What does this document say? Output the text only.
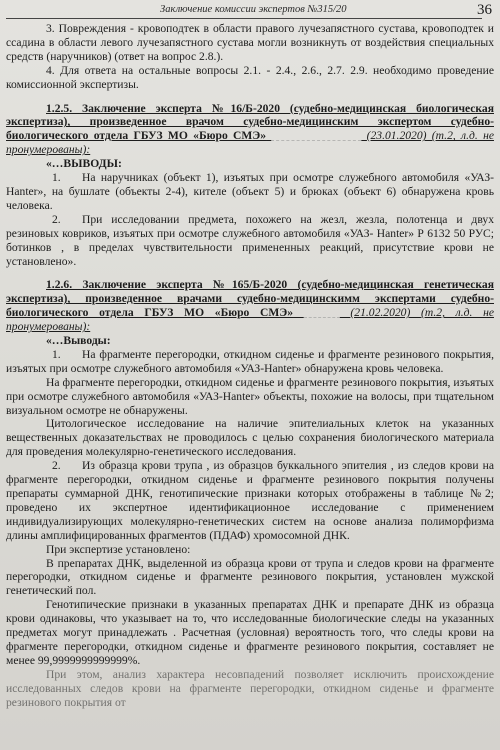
Заключение комиссии экспертов №315/20	36

3. Повреждения - кровоподтек в области правого лучезапястного сустава, кровоподтек и ссадина в области левого лучезапястного сустава могли возникнуть от воздействия специальных средств (наручников) (ответ на вопрос 2.8.).

4. Для ответа на остальные вопросы 2.1. - 2.4., 2.6., 2.7. 2.9. необходимо проведение комиссионной экспертизы.

1.2.5. Заключение эксперта №16/Б-2020 (судебно-медицинская биологическая экспертиза), произведенное врачом судебно-медицинским экспертом судебно-биологического отдела ГБУЗ МО «Бюро СМЭ»	(23.01.2020) (т.2, л.д. не пронумерованы):

«…ВЫВОДЫ:

1. На наручниках (объект 1), изъятых при осмотре служебного автомобиля «УАЗ-Hanter», на бушлате (объекты 2-4), кителе (объект 5) и брюках (объект 6) обнаружена кровь человека.

2. При исследовании предмета, похожего на жезл, жезла, полотенца и двух резиновых ковриков, изъятых при осмотре служебного автомобиля «УАЗ- Hanter» Р 6132 50 РУС; ботинков , в пределах чувствительности примененных реакций, присутствие крови не установлено».

1.2.6. Заключение эксперта №165/Б-2020 (судебно-медицинская генетическая экспертиза), произведенное врачами судебно-медицинскимм экспертами судебно-биологического отдела ГБУЗ МО «Бюро СМЭ»	(21.02.2020) (т.2, л.д. не пронумерованы):

«…Выводы:

1. На фрагменте перегородки, откидном сиденье и фрагменте резинового покрытия, изъятых при осмотре служебного автомобиля «УАЗ-Hanter» обнаружена кровь человека.

На фрагменте перегородки, откидном сиденье и фрагменте резинового покрытия, изъятых при осмотре служебного автомобиля «УАЗ-Hanter» объекты, похожие на волосы, при тщательном визуальном осмотре не обнаружены.

Цитологическое исследование на наличие эпителиальных клеток на указанных вещественных доказательствах не проводилось с целью сохранения биологического материала для проведения молекулярно-генетического исследования.

2. Из образца крови трупа , из образцов буккального эпителия , из следов крови на фрагменте перегородки, откидном сиденье и фрагменте резинового покрытия получены препараты суммарной ДНК, генотипические признаки которых отображены в таблице №2; проведено их экспертное идентификационное исследование с применением индивидуализирующих молекулярно-генетических систем на основе анализа полиморфизма длины амплифицированных фрагментов (ПДАФ) хромосомной ДНК.

При экспертизе установлено:

В препаратах ДНК, выделенной из образца крови от трупа и следов крови на фрагменте перегородки, откидном сиденье и фрагменте резинового покрытия, установлен мужской генетический пол.

Генотипические признаки в указанных препаратах ДНК и препарате ДНК из образца крови одинаковы, что указывает на то, что исследованные биологические следы на указанных предметах могут принадлежать . Расчетная (условная) вероятность того, что следы крови на фрагменте перегородки, откидном сиденье и фрагменте резинового покрытия, составляет не менее 99,9999999999999%.

При этом, анализ характера несовпадений позволяет исключить происхождение исследованных следов крови на фрагменте перегородки, откидном сиденье и фрагменте резинового покрытия от
